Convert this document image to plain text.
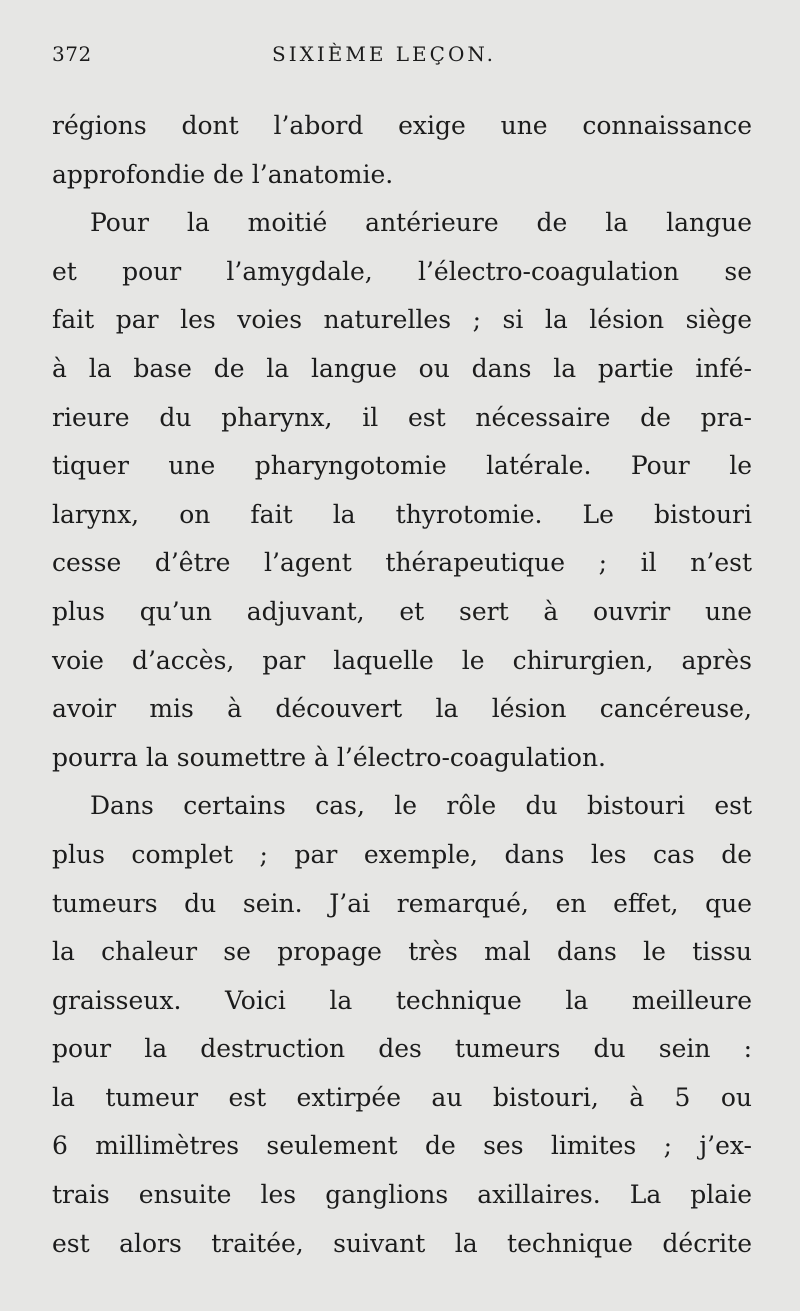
372	SIXIÈME LEÇON.
régions dont l’abord exige une connaissance
approfondie de l’anatomie.
Pour la moitié antérieure de la langue
et pour l’amygdale, l’électro-coagulation se
fait par les voies naturelles ; si la lésion siège
à la base de la langue ou dans la partie infé-
rieure du pharynx, il est nécessaire de pra-
tiquer une pharyngotomie latérale. Pour le
larynx, on fait la thyrotomie. Le bistouri
cesse d’être l’agent thérapeutique ; il n’est
plus qu’un adjuvant, et sert à ouvrir une
voie d’accès, par laquelle le chirurgien, après
avoir mis à découvert la lésion cancéreuse,
pourra la soumettre à l’électro-coagulation.
Dans certains cas, le rôle du bistouri est
plus complet ; par exemple, dans les cas de
tumeurs du sein. J’ai remarqué, en effet, que
la chaleur se propage très mal dans le tissu
graisseux. Voici la technique la meilleure
pour la destruction des tumeurs du sein :
la tumeur est extirpée au bistouri, à 5 ou
6 millimètres seulement de ses limites ; j’ex-
trais ensuite les ganglions axillaires. La plaie
est alors traitée, suivant la technique décrite
